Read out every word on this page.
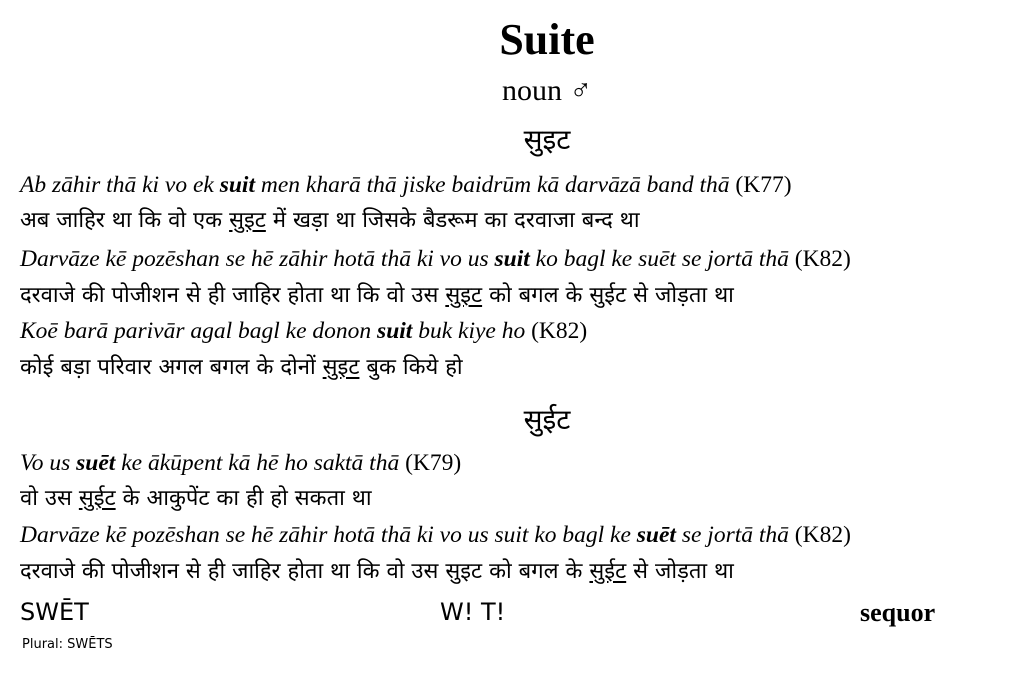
Suite
noun ♂
सुइट
Ab zāhir thā ki vo ek suit men kharā thā jiske baidrūm kā darvāzā band thā (K77)
अब जाहिर था कि वो एक सुइट में खड़ा था जिसके बैडरूम का दरवाजा बन्द था
Darvāze kē pozēshan se hē zāhir hotā thā ki vo us suit ko bagl ke suēt se jortā thā (K82)
दरवाजे की पोजीशन से ही जाहिर होता था कि वो उस सुइट को बगल के सुईट से जोड़ता था
Koē barā parivār agal bagl ke donon suit buk kiye ho (K82)
कोई बड़ा परिवार अगल बगल के दोनों सुइट बुक किये हो
सुईट
Vo us suēt ke ākūpent kā hē ho saktā thā (K79)
वो उस सुईट के आकुपेंट का ही हो सकता था
Darvāze kē pozēshan se hē zāhir hotā thā ki vo us suit ko bagl ke suēt se jortā thā (K82)
दरवाजे की पोजीशन से ही जाहिर होता था कि वो उस सुइट को बगल के सुईट से जोड़ता था
SWĒT
Plural: SWĒTS
W! T!	sequor
